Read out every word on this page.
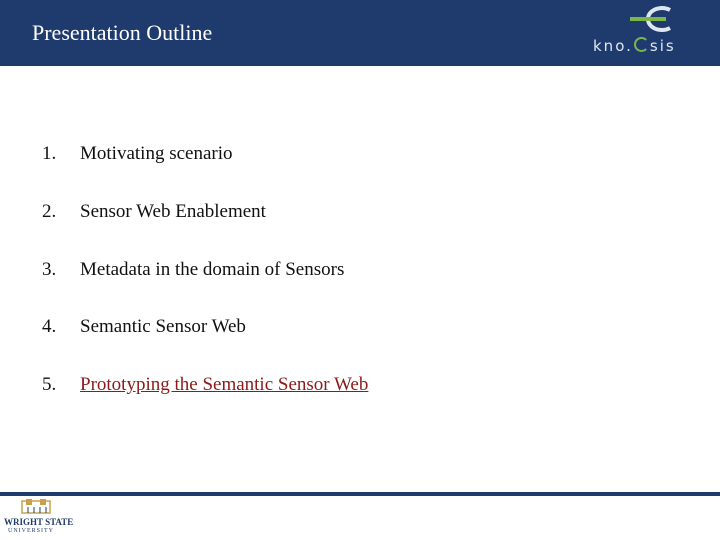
Presentation Outline
kno. sis
1. Motivating scenario
2. Sensor Web Enablement
3. Metadata in the domain of Sensors
4. Semantic Sensor Web
5. Prototyping the Semantic Sensor Web
WRIGHT STATE
UNIVERSITY
